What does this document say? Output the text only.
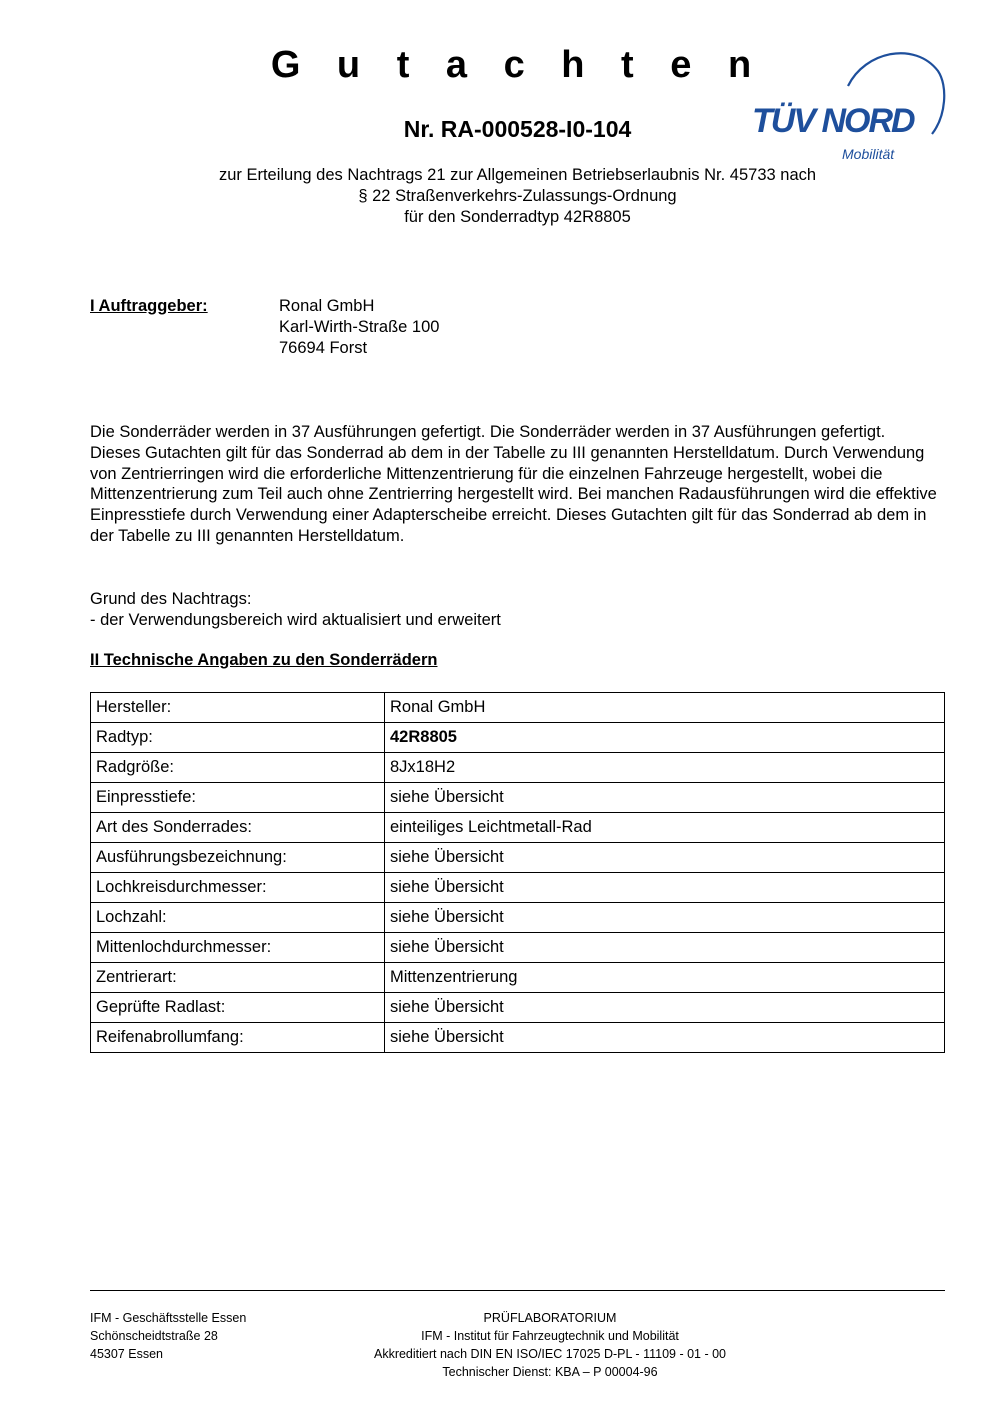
G u t a c h t e n
Nr. RA-000528-I0-104	TÜV NORD
Mobilität
zur Erteilung des Nachtrags 21 zur Allgemeinen Betriebserlaubnis Nr. 45733 nach
§ 22 Straßenverkehrs-Zulassungs-Ordnung
für den Sonderradtyp 42R8805
I Auftraggeber:	Ronal GmbH
Karl-Wirth-Straße 100
76694 Forst
Die Sonderräder werden in 37 Ausführungen gefertigt. Die Sonderräder werden in 37 Ausführungen gefertigt. Dieses Gutachten gilt für das Sonderrad ab dem in der Tabelle zu III genannten Herstelldatum. Durch Verwendung von Zentrierringen wird die erforderliche Mittenzentrierung für die einzelnen Fahrzeuge hergestellt, wobei die Mittenzentrierung zum Teil auch ohne Zentrierring hergestellt wird. Bei manchen Radausführungen wird die effektive Einpresstiefe durch Verwendung einer Adapterscheibe erreicht. Dieses Gutachten gilt für das Sonderrad ab dem in der Tabelle zu III genannten Herstelldatum.
Grund des Nachtrags:
- der Verwendungsbereich wird aktualisiert und erweitert
II Technische Angaben zu den Sonderrädern
Hersteller:	Ronal GmbH
Radtyp:	42R8805
Radgröße:	8Jx18H2
Einpresstiefe:	siehe Übersicht
Art des Sonderrades:	einteiliges Leichtmetall-Rad
Ausführungsbezeichnung:	siehe Übersicht
Lochkreisdurchmesser:	siehe Übersicht
Lochzahl:	siehe Übersicht
Mittenlochdurchmesser:	siehe Übersicht
Zentrierart:	Mittenzentrierung
Geprüfte Radlast:	siehe Übersicht
Reifenabrollumfang:	siehe Übersicht
IFM - Geschäftsstelle Essen
Schönscheidtstraße 28
45307 Essen
PRÜFLABORATORIUM
IFM - Institut für Fahrzeugtechnik und Mobilität
Akkreditiert nach DIN EN ISO/IEC 17025 D-PL - 11109 - 01 - 00
Technischer Dienst: KBA – P 00004-96
